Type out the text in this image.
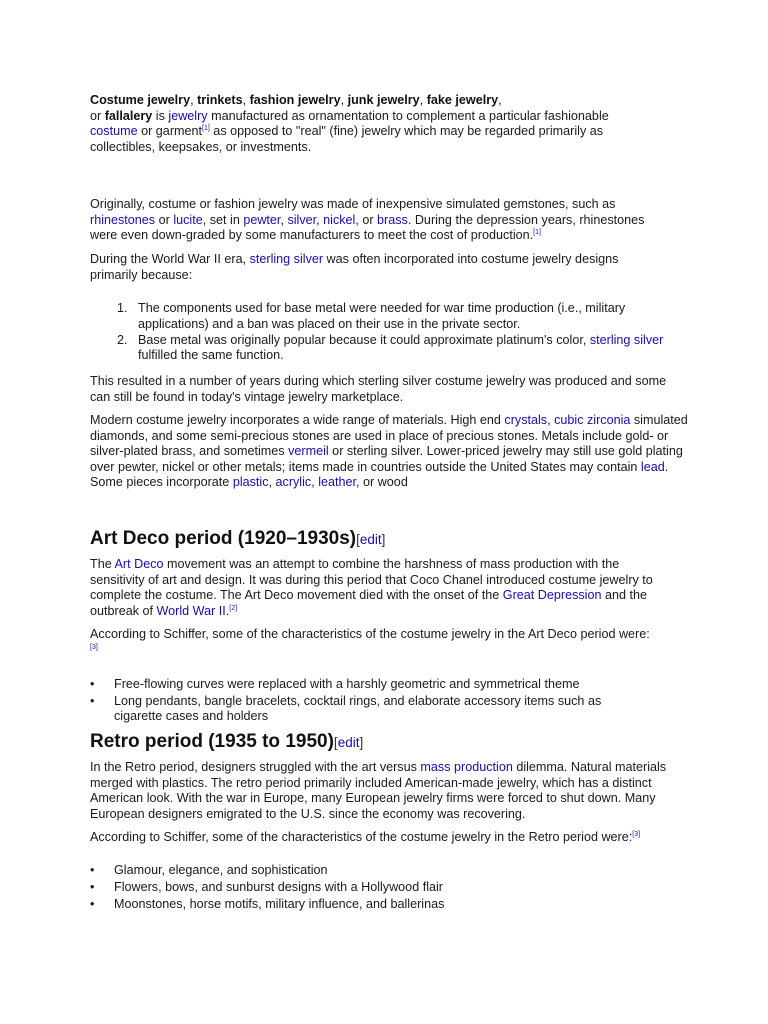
Costume jewelry, trinkets, fashion jewelry, junk jewelry, fake jewelry,
or fallalery is jewelry manufactured as ornamentation to complement a particular fashionable costume or garment[1] as opposed to "real" (fine) jewelry which may be regarded primarily as collectibles, keepsakes, or investments.

Originally, costume or fashion jewelry was made of inexpensive simulated gemstones, such as rhinestones or lucite, set in pewter, silver, nickel, or brass. During the depression years, rhinestones were even down-graded by some manufacturers to meet the cost of production.[1]

During the World War II era, sterling silver was often incorporated into costume jewelry designs primarily because:

1. The components used for base metal were needed for war time production (i.e., military applications) and a ban was placed on their use in the private sector.
2. Base metal was originally popular because it could approximate platinum's color, sterling silver fulfilled the same function.

This resulted in a number of years during which sterling silver costume jewelry was produced and some can still be found in today's vintage jewelry marketplace.

Modern costume jewelry incorporates a wide range of materials. High end crystals, cubic zirconia simulated diamonds, and some semi-precious stones are used in place of precious stones. Metals include gold- or silver-plated brass, and sometimes vermeil or sterling silver. Lower-priced jewelry may still use gold plating over pewter, nickel or other metals; items made in countries outside the United States may contain lead. Some pieces incorporate plastic, acrylic, leather, or wood

Art Deco period (1920–1930s)[edit]

The Art Deco movement was an attempt to combine the harshness of mass production with the sensitivity of art and design. It was during this period that Coco Chanel introduced costume jewelry to complete the costume. The Art Deco movement died with the onset of the Great Depression and the outbreak of World War II.[2]

According to Schiffer, some of the characteristics of the costume jewelry in the Art Deco period were:[3]

• Free-flowing curves were replaced with a harshly geometric and symmetrical theme
• Long pendants, bangle bracelets, cocktail rings, and elaborate accessory items such as cigarette cases and holders
Retro period (1935 to 1950)[edit]

In the Retro period, designers struggled with the art versus mass production dilemma. Natural materials merged with plastics. The retro period primarily included American-made jewelry, which has a distinct American look. With the war in Europe, many European jewelry firms were forced to shut down. Many European designers emigrated to the U.S. since the economy was recovering.

According to Schiffer, some of the characteristics of the costume jewelry in the Retro period were:[3]

• Glamour, elegance, and sophistication
• Flowers, bows, and sunburst designs with a Hollywood flair
• Moonstones, horse motifs, military influence, and ballerinas
